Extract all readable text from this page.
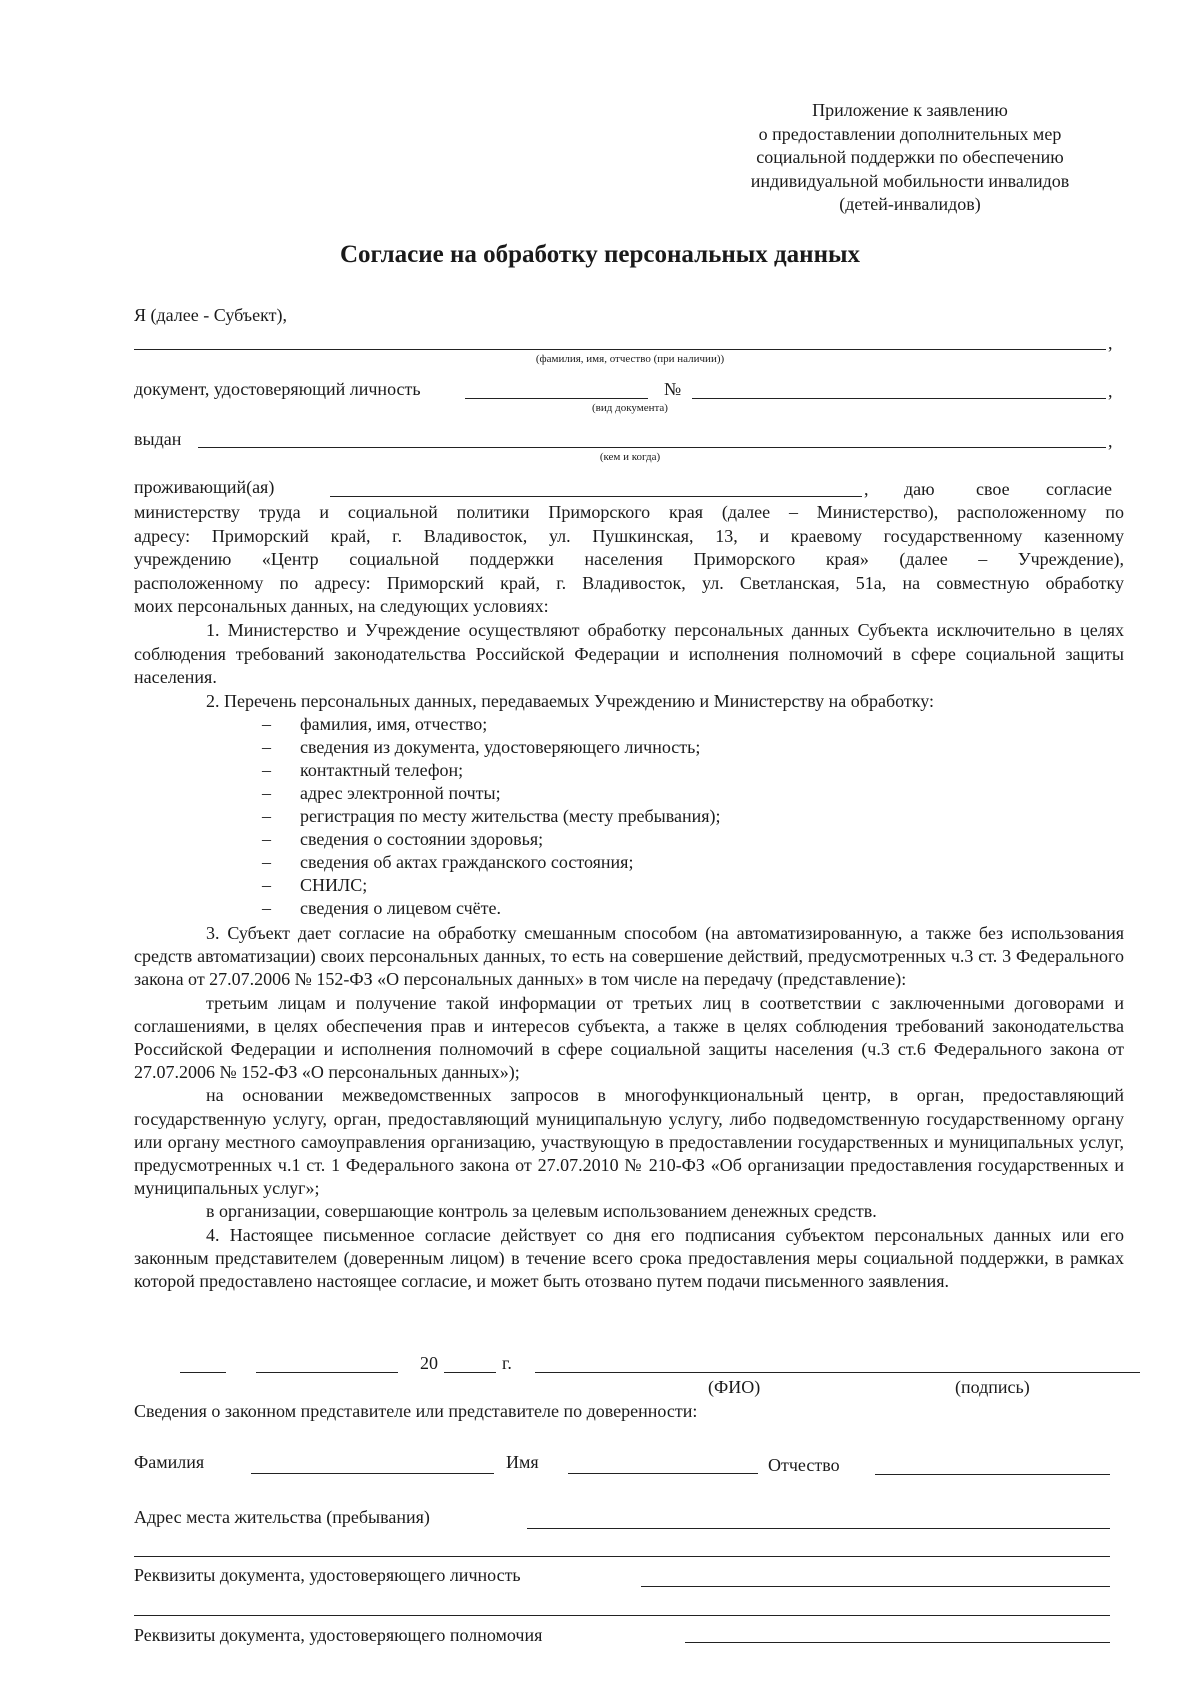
Приложение к заявлению
о предоставлении дополнительных мер
социальной поддержки по обеспечению
индивидуальной мобильности инвалидов
(детей-инвалидов)
Согласие на обработку персональных данных
Я (далее - Субъект),
,
(фамилия, имя, отчество (при наличии))
документ, удостоверяющий личность	№	,
(вид документа)
выдан	,
(кем и когда)
проживающий(ая)	, даю свое согласие
министерству труда и социальной политики Приморского края (далее – Министерство), расположенному по
адресу: Приморский край, г. Владивосток, ул. Пушкинская, 13, и краевому государственному казенному
учреждению «Центр социальной поддержки населения Приморского края» (далее – Учреждение),
расположенному по адресу: Приморский край, г. Владивосток, ул. Светланская, 51а, на совместную обработку
моих персональных данных, на следующих условиях:

1. Министерство и Учреждение осуществляют обработку персональных данных Субъекта исключительно в целях соблюдения требований законодательства Российской Федерации и исполнения полномочий в сфере социальной защиты населения.

2. Перечень персональных данных, передаваемых Учреждению и Министерству на обработку:

– фамилия, имя, отчество;
– сведения из документа, удостоверяющего личность;
– контактный телефон;
– адрес электронной почты;
– регистрация по месту жительства (месту пребывания);
– сведения о состоянии здоровья;
– сведения об актах гражданского состояния;
– СНИЛС;
– сведения о лицевом счёте.

3. Субъект дает согласие на обработку смешанным способом (на автоматизированную, а также без использования средств автоматизации) своих персональных данных, то есть на совершение действий, предусмотренных ч.3 ст. 3 Федерального закона от 27.07.2006 № 152-ФЗ «О персональных данных» в том числе на передачу (представление):

третьим лицам и получение такой информации от третьих лиц в соответствии с заключенными договорами и соглашениями, в целях обеспечения прав и интересов субъекта, а также в целях соблюдения требований законодательства Российской Федерации и исполнения полномочий в сфере социальной защиты населения (ч.3 ст.6 Федерального закона от 27.07.2006 № 152-ФЗ «О персональных данных»);

на основании межведомственных запросов в многофункциональный центр, в орган, предоставляющий государственную услугу, орган, предоставляющий муниципальную услугу, либо подведомственную государственному органу или органу местного самоуправления организацию, участвующую в предоставлении государственных и муниципальных услуг, предусмотренных ч.1 ст. 1 Федерального закона от 27.07.2010 № 210-ФЗ «Об организации предоставления государственных и муниципальных услуг»;

в организации, совершающие контроль за целевым использованием денежных средств.

4. Настоящее письменное согласие действует со дня его подписания субъектом персональных данных или его законным представителем (доверенным лицом) в течение всего срока предоставления меры социальной поддержки, в рамках которой предоставлено настоящее согласие, и может быть отозвано путем подачи письменного заявления.

20	г.
(ФИО)	(подпись)
Сведения о законном представителе или представителе по доверенности:
Фамилия	Имя	Отчество
Адрес места жительства (пребывания)
Реквизиты документа, удостоверяющего личность
Реквизиты документа, удостоверяющего полномочия
